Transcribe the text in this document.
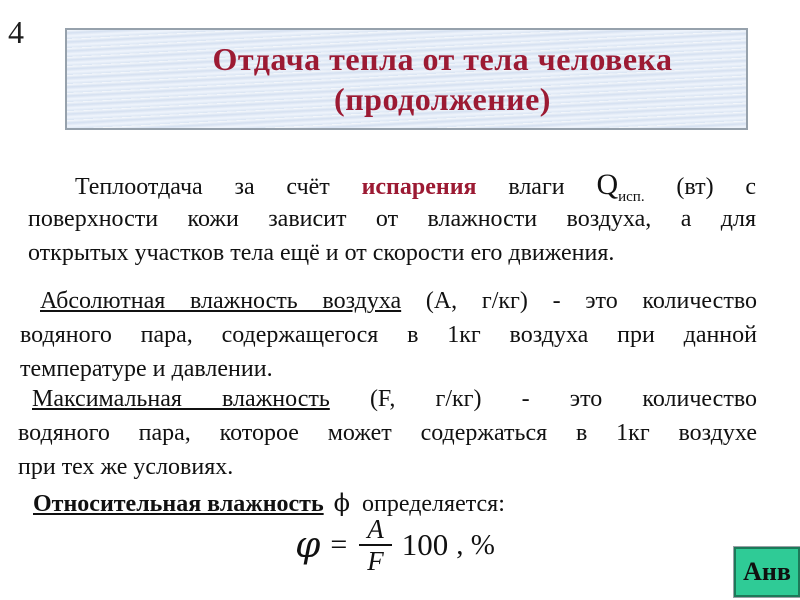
4
Отдача тепла от тела человека
(продолжение)
Теплоотдача за счёт испарения влаги $Q_{исп.}$ (вт) с
поверхности кожи зависит от влажности воздуха, а для
открытых участков тела ещё и от скорости его движения.
Абсолютная влажность воздуха (А, г/кг) - это количество
водяного пара, содержащегося в 1кг воздуха при данной
температуре и давлении.
Максимальная влажность (F, г/кг) - это количество
водяного пара, которое может содержаться в 1кг воздухе
при тех же условиях.
Относительная влажность ϕ определяется:
$\varphi = \frac{A}{F} 100$ , %
Анв
